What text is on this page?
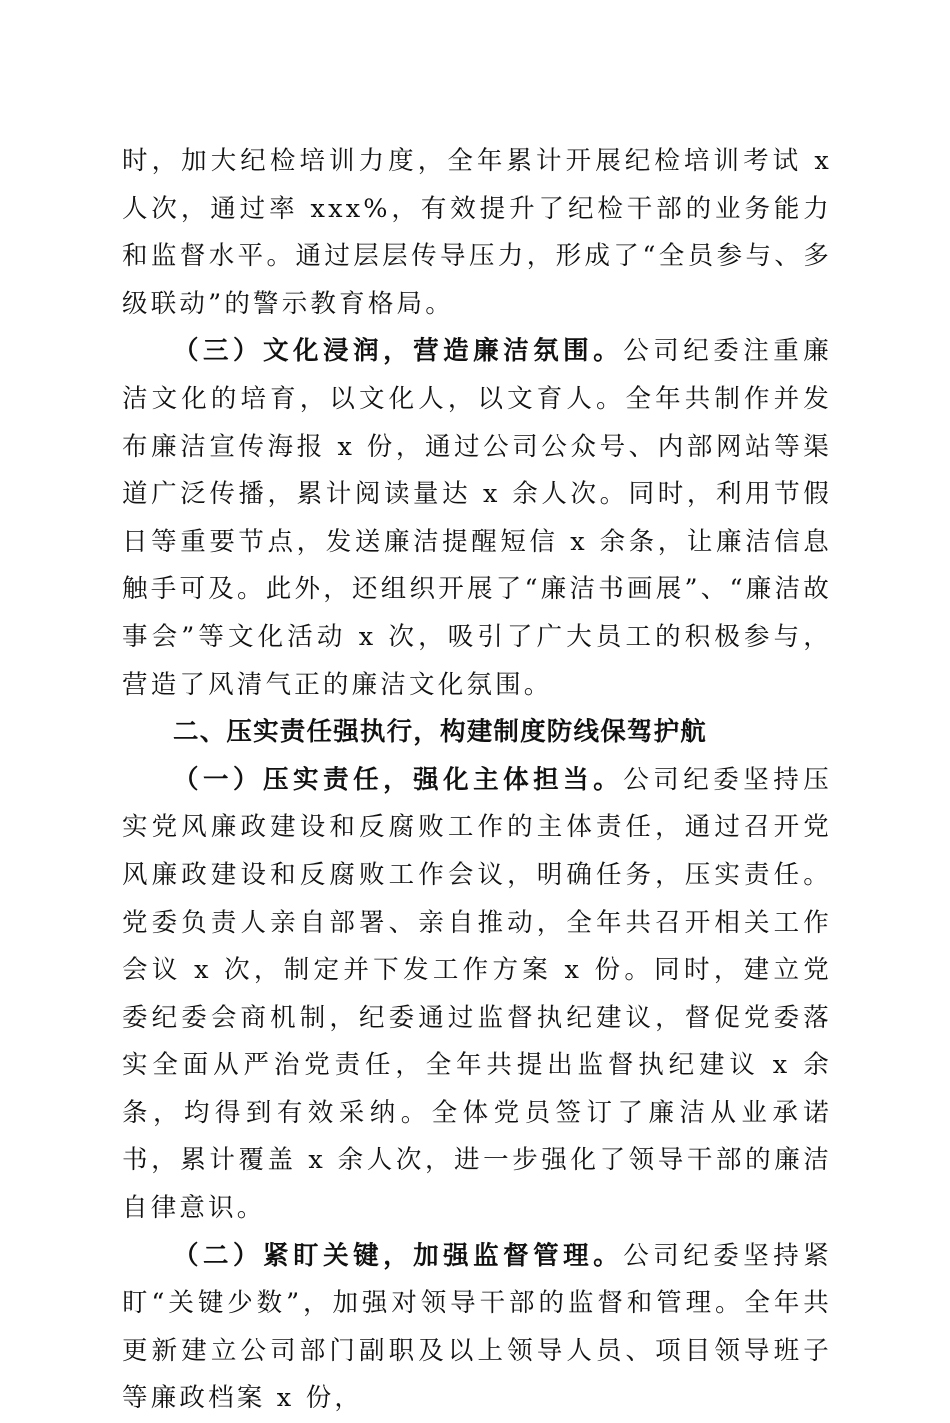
时，加大纪检培训力度，全年累计开展纪检培训考试 x 人次，通过率 xxx%，有效提升了纪检干部的业务能力和监督水平。通过层层传导压力，形成了“全员参与、多级联动”的警示教育格局。

（三）文化浸润，营造廉洁氛围。公司纪委注重廉洁文化的培育，以文化人，以文育人。全年共制作并发布廉洁宣传海报 x 份，通过公司公众号、内部网站等渠道广泛传播，累计阅读量达 x 余人次。同时，利用节假日等重要节点，发送廉洁提醒短信 x 余条，让廉洁信息触手可及。此外，还组织开展了“廉洁书画展”、“廉洁故事会”等文化活动 x 次，吸引了广大员工的积极参与，营造了风清气正的廉洁文化氛围。

二、压实责任强执行，构建制度防线保驾护航

（一）压实责任，强化主体担当。公司纪委坚持压实党风廉政建设和反腐败工作的主体责任，通过召开党风廉政建设和反腐败工作会议，明确任务，压实责任。党委负责人亲自部署、亲自推动，全年共召开相关工作会议 x 次，制定并下发工作方案 x 份。同时，建立党委纪委会商机制，纪委通过监督执纪建议，督促党委落实全面从严治党责任，全年共提出监督执纪建议 x 余条，均得到有效采纳。全体党员签订了廉洁从业承诺书，累计覆盖 x 余人次，进一步强化了领导干部的廉洁自律意识。

（二）紧盯关键，加强监督管理。公司纪委坚持紧盯“关键少数”，加强对领导干部的监督和管理。全年共更新建立公司部门副职及以上领导人员、项目领导班子等廉政档案 x 份，
